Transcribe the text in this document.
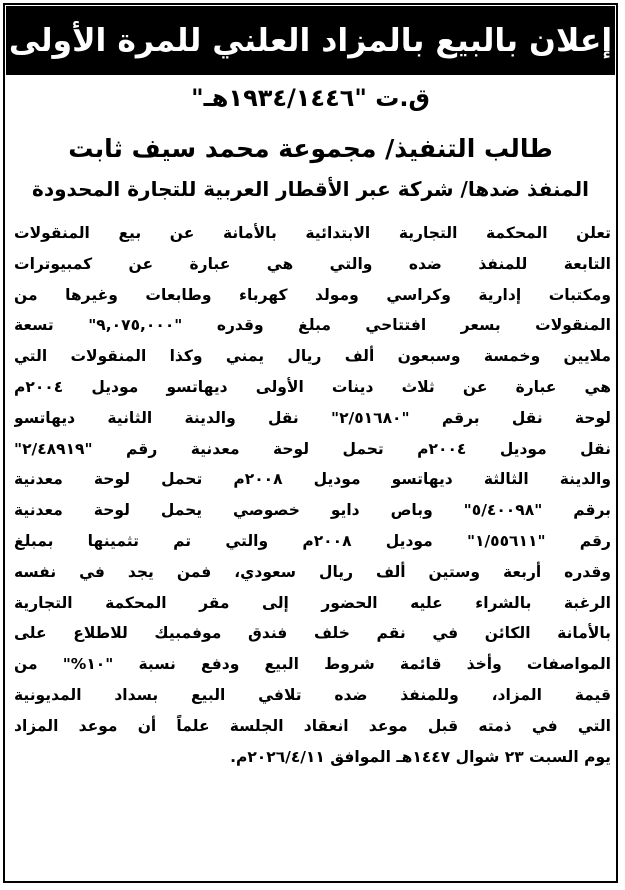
إعلان بالبيع بالمزاد العلني للمرة الأولى
ق.ت "١٩٣٤/١٤٤٦هـ"
طالب التنفيذ/ مجموعة محمد سيف ثابت
المنفذ ضدها/ شركة عبر الأقطار العربية للتجارة المحدودة
تعلن المحكمة التجارية الابتدائية بالأمانة عن بيع المنقولات
التابعة للمنفذ ضده والتي هي عبارة عن كمبيوترات
ومكتبات إدارية وكراسي ومولد كهرباء وطابعات وغيرها من
المنقولات بسعر افتتاحي مبلغ وقدره "٩,٠٧٥,٠٠٠" تسعة
ملايين وخمسة وسبعون ألف ريال يمني وكذا المنقولات التي
هي عبارة عن ثلاث دينات الأولى ديهاتسو موديل ٢٠٠٤م
لوحة نقل برقم "٢/٥١٦٨٠" نقل والدينة الثانية ديهاتسو
نقل موديل ٢٠٠٤م تحمل لوحة معدنية رقم "٢/٤٨٩١٩"
والدينة الثالثة ديهاتسو موديل ٢٠٠٨م تحمل لوحة معدنية
برقم "٥/٤٠٠٩٨" وباص دايو خصوصي يحمل لوحة معدنية
رقم "١/٥٥٦١١" موديل ٢٠٠٨م والتي تم تثمينها بمبلغ
وقدره أربعة وستين ألف ريال سعودي، فمن يجد في نفسه
الرغبة بالشراء عليه الحضور إلى مقر المحكمة التجارية
بالأمانة الكائن في نقم خلف فندق موفمبيك للاطلاع على
المواصفات وأخذ قائمة شروط البيع ودفع نسبة "١٠%" من
قيمة المزاد، وللمنفذ ضده تلافي البيع بسداد المديونية
التي في ذمته قبل موعد انعقاد الجلسة علماً أن موعد المزاد
يوم السبت ٢٣ شوال ١٤٤٧هـ الموافق ٢٠٢٦/٤/١١م.
